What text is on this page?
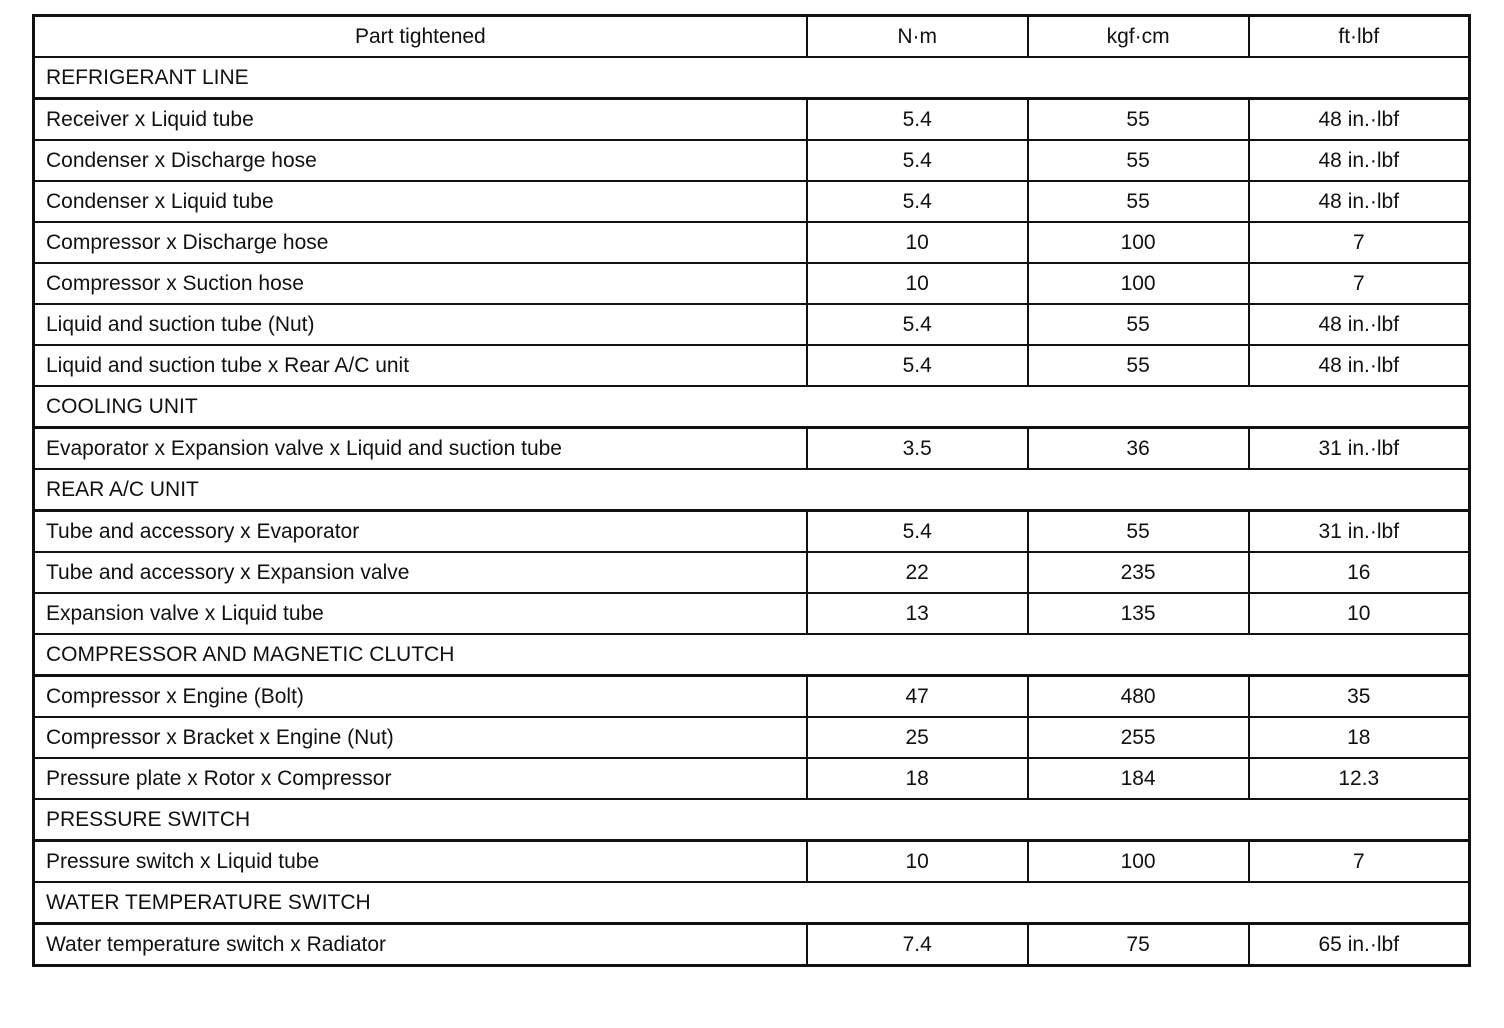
Part tightened	N·m	kgf·cm	ft·lbf
REFRIGERANT LINE			
Receiver x Liquid tube	5.4	55	48 in.·lbf
Condenser x Discharge hose	5.4	55	48 in.·lbf
Condenser x Liquid tube	5.4	55	48 in.·lbf
Compressor x Discharge hose	10	100	7
Compressor x Suction hose	10	100	7
Liquid and suction tube (Nut)	5.4	55	48 in.·lbf
Liquid and suction tube x Rear A/C unit	5.4	55	48 in.·lbf
COOLING UNIT			
Evaporator x Expansion valve x Liquid and suction tube	3.5	36	31 in.·lbf
REAR A/C UNIT			
Tube and accessory x Evaporator	5.4	55	31 in.·lbf
Tube and accessory x Expansion valve	22	235	16
Expansion valve x Liquid tube	13	135	10
COMPRESSOR AND MAGNETIC CLUTCH			
Compressor x Engine (Bolt)	47	480	35
Compressor x Bracket x Engine (Nut)	25	255	18
Pressure plate x Rotor x Compressor	18	184	12.3
PRESSURE SWITCH			
Pressure switch x Liquid tube	10	100	7
WATER TEMPERATURE SWITCH			
Water temperature switch x Radiator	7.4	75	65 in.·lbf
